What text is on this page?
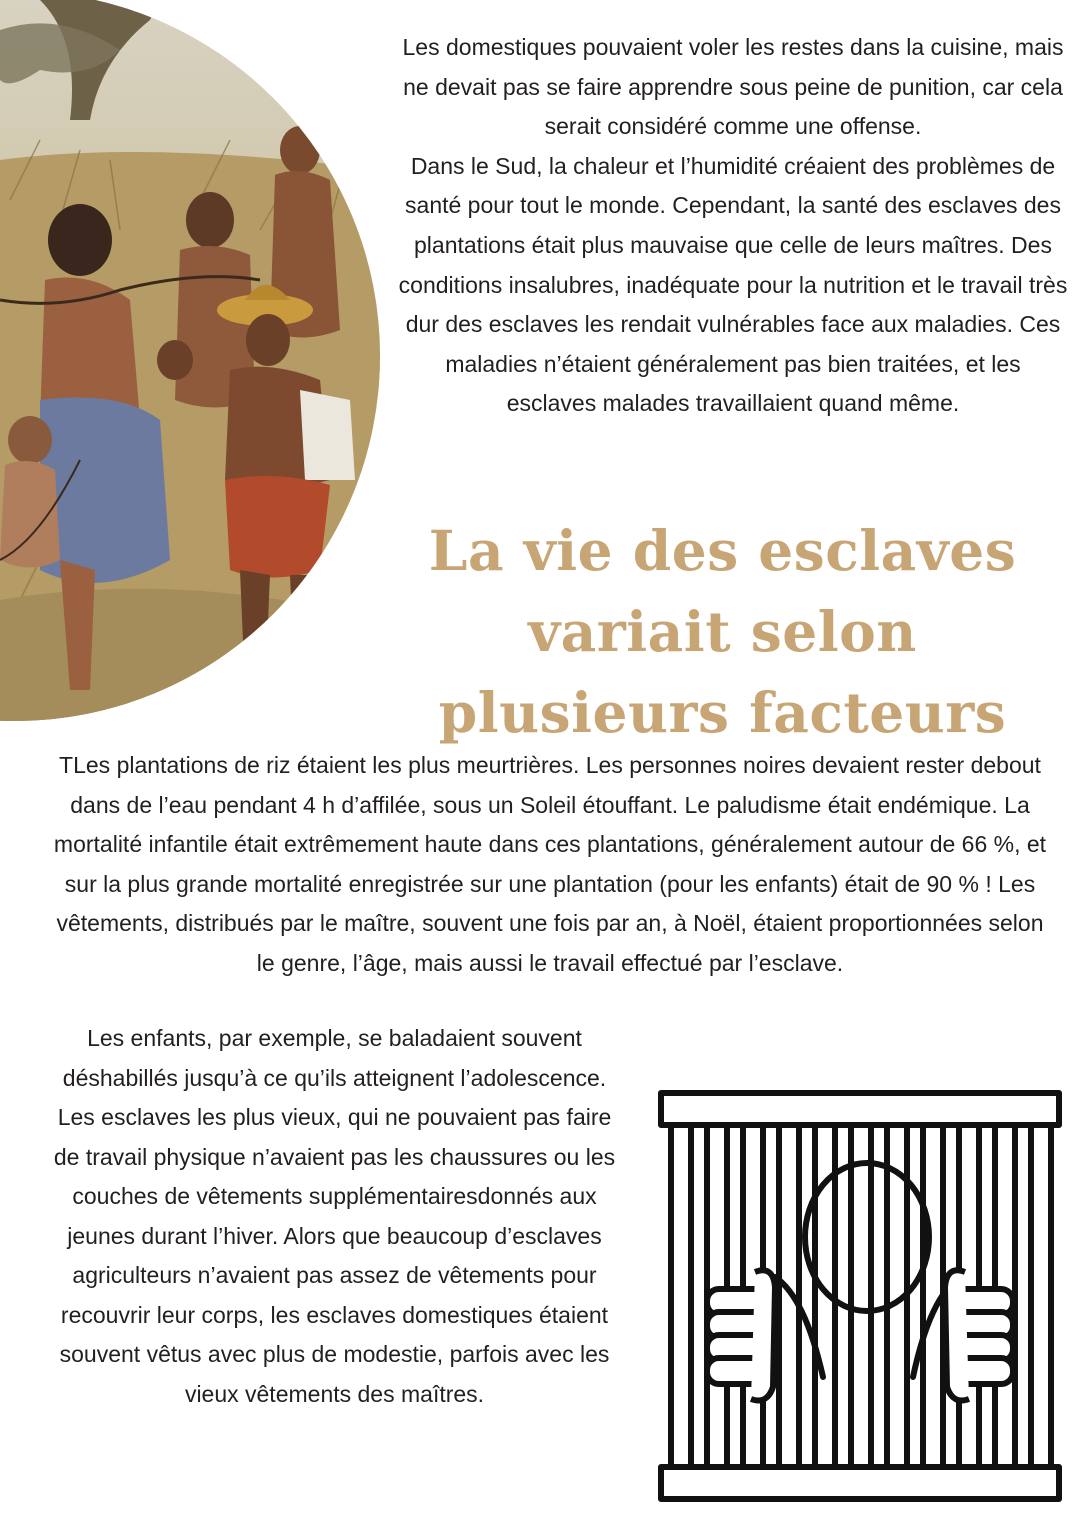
Les domestiques pouvaient voler les restes dans la cuisine, mais ne devait pas se faire apprendre sous peine de punition, car cela serait considéré comme une offense.

Dans le Sud, la chaleur et l’humidité créaient des problèmes de santé pour tout le monde. Cependant, la santé des esclaves des plantations était plus mauvaise que celle de leurs maîtres. Des conditions insalubres, inadéquate pour la nutrition et le travail très dur des esclaves les rendait vulnérables face aux maladies. Ces maladies n’étaient généralement pas bien traitées, et les esclaves malades travaillaient quand même.

La vie des esclaves variait selon plusieurs facteurs

TLes plantations de riz étaient les plus meurtrières. Les personnes noires devaient rester debout dans de l’eau pendant 4 h d’affilée, sous un Soleil étouffant. Le paludisme était endémique. La mortalité infantile était extrêmement haute dans ces plantations, généralement autour de 66 %, et sur la plus grande mortalité enregistrée sur une plantation (pour les enfants) était de 90 % ! Les vêtements, distribués par le maître, souvent une fois par an, à Noël, étaient proportionnées selon le genre, l’âge, mais aussi le travail effectué par l’esclave.

Les enfants, par exemple, se baladaient souvent déshabillés jusqu’à ce qu’ils atteignent l’adolescence. Les esclaves les plus vieux, qui ne pouvaient pas faire de travail physique n’avaient pas les chaussures ou les couches de vêtements supplémentairesdonnés aux jeunes durant l’hiver. Alors que beaucoup d’esclaves agriculteurs n’avaient pas assez de vêtements pour recouvrir leur corps, les esclaves domestiques étaient souvent vêtus avec plus de modestie, parfois avec les vieux vêtements des maîtres.
